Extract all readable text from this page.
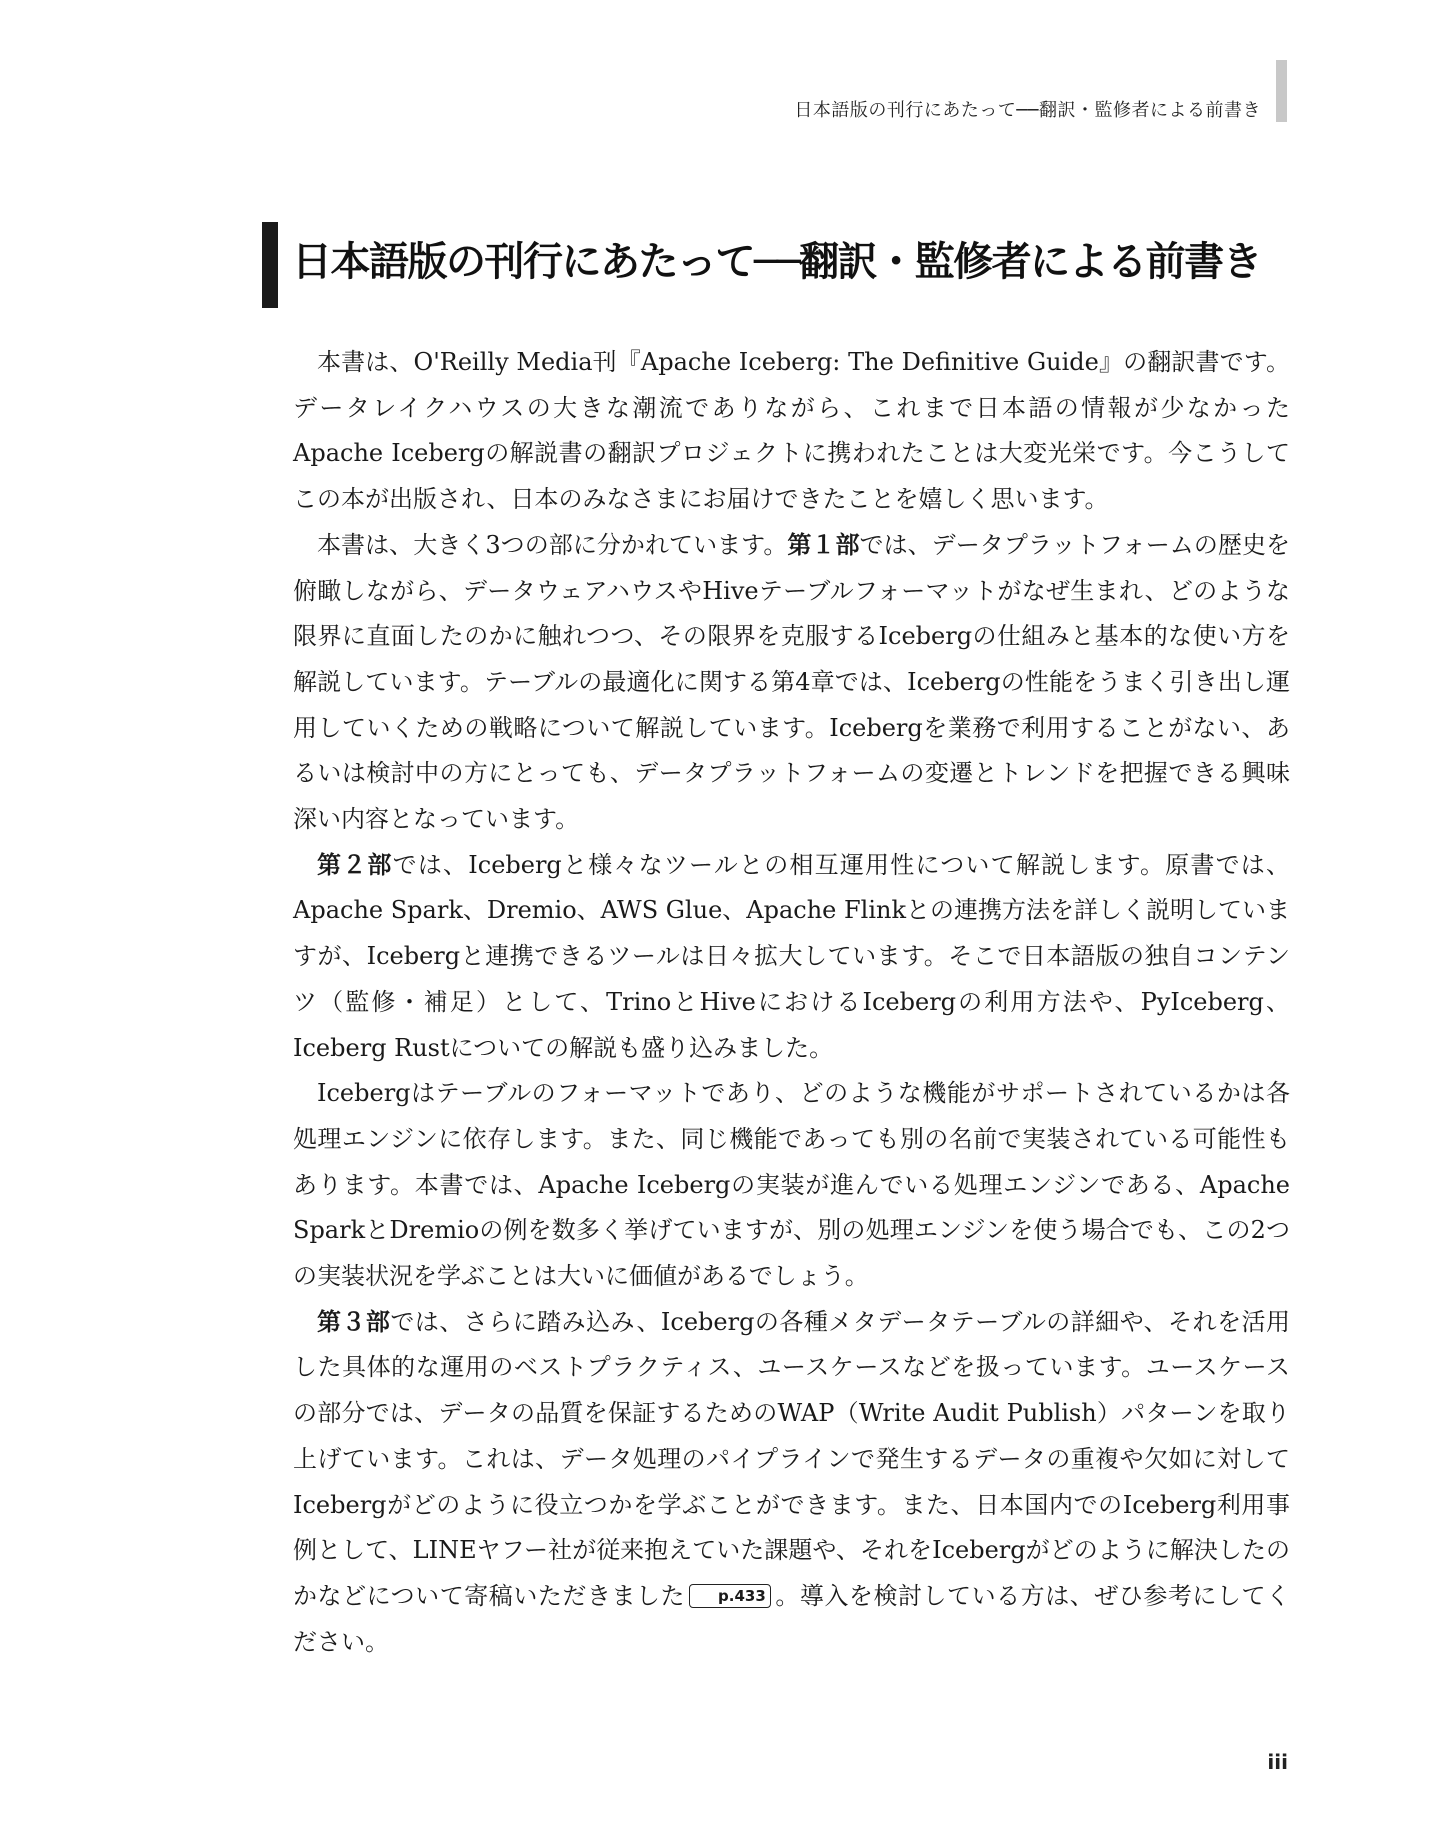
日本語版の刊行にあたって──翻訳・監修者による前書き
日本語版の刊行にあたって──翻訳・監修者による前書き

本書は、O'Reilly Media刊『Apache Iceberg: The Definitive Guide』の翻訳書です。データレイクハウスの大きな潮流でありながら、これまで日本語の情報が少なかったApache Icebergの解説書の翻訳プロジェクトに携われたことは大変光栄です。今こうしてこの本が出版され、日本のみなさまにお届けできたことを嬉しく思います。

本書は、大きく3つの部に分かれています。第１部では、データプラットフォームの歴史を俯瞰しながら、データウェアハウスやHiveテーブルフォーマットがなぜ生まれ、どのような限界に直面したのかに触れつつ、その限界を克服するIcebergの仕組みと基本的な使い方を解説しています。テーブルの最適化に関する第4章では、Icebergの性能をうまく引き出し運用していくための戦略について解説しています。Icebergを業務で利用することがない、あるいは検討中の方にとっても、データプラットフォームの変遷とトレンドを把握できる興味深い内容となっています。

第２部では、Icebergと様々なツールとの相互運用性について解説します。原書では、Apache Spark、Dremio、AWS Glue、Apache Flinkとの連携方法を詳しく説明していますが、Icebergと連携できるツールは日々拡大しています。そこで日本語版の独自コンテンツ（監修・補足）として、TrinoとHiveにおけるIcebergの利用方法や、PyIceberg、Iceberg Rustについての解説も盛り込みました。

Icebergはテーブルのフォーマットであり、どのような機能がサポートされているかは各処理エンジンに依存します。また、同じ機能であっても別の名前で実装されている可能性もあります。本書では、Apache Icebergの実装が進んでいる処理エンジンである、Apache SparkとDremioの例を数多く挙げていますが、別の処理エンジンを使う場合でも、この2つの実装状況を学ぶことは大いに価値があるでしょう。

第３部では、さらに踏み込み、Icebergの各種メタデータテーブルの詳細や、それを活用した具体的な運用のベストプラクティス、ユースケースなどを扱っています。ユースケースの部分では、データの品質を保証するためのWAP（Write Audit Publish）パターンを取り上げています。これは、データ処理のパイプラインで発生するデータの重複や欠如に対してIcebergがどのように役立つかを学ぶことができます。また、日本国内でのIceberg利用事例として、LINEヤフー社が従来抱えていた課題や、それをIcebergがどのように解決したのかなどについて寄稿いただきました p.433 。導入を検討している方は、ぜひ参考にしてください。

iii
